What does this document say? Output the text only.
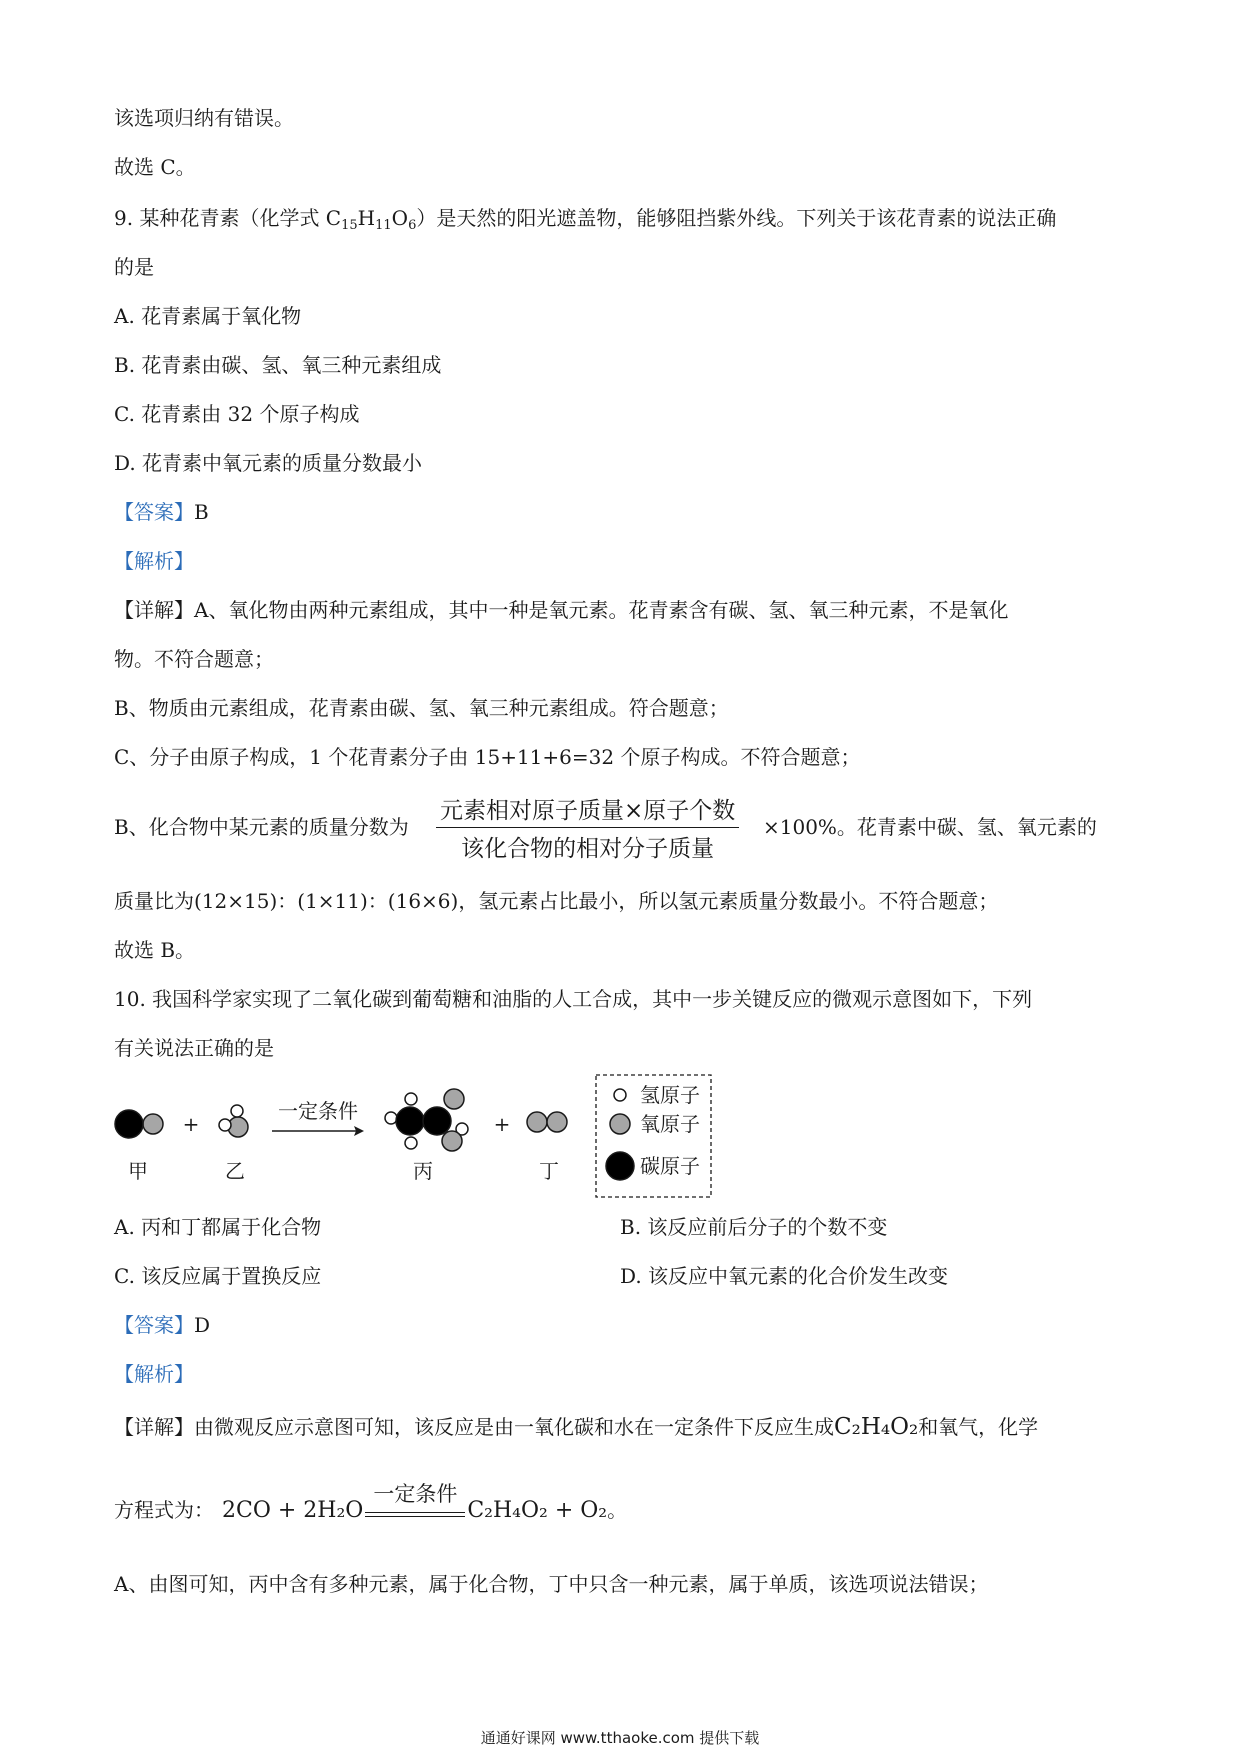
该选项归纳有错误。
故选 C。
9. 某种花青素（化学式 $C_{15}H_{11}O_6$）是天然的阳光遮盖物，能够阻挡紫外线。下列关于该花青素的说法正确
的是
A. 花青素属于氧化物
B. 花青素由碳、氢、氧三种元素组成
C. 花青素由 32 个原子构成
D. 花青素中氧元素的质量分数最小
【答案】B
【解析】
【详解】A、氧化物由两种元素组成，其中一种是氧元素。花青素含有碳、氢、氧三种元素，不是氧化
物。不符合题意；
B、物质由元素组成，花青素由碳、氢、氧三种元素组成。符合题意；
C、分子由原子构成，1 个花青素分子由 15+11+6=32 个原子构成。不符合题意；
B、化合物中某元素的质量分数为
元素相对原子质量×原子个数
该化合物的相对分子质量
×100%。花青素中碳、氢、氧元素的
质量比为(12×15)：(1×11)：(16×6)，氢元素占比最小，所以氢元素质量分数最小。不符合题意；
故选 B。
10. 我国科学家实现了二氧化碳到葡萄糖和油脂的人工合成，其中一步关键反应的微观示意图如下，下列
有关说法正确的是
+
一定条件
+
甲	乙	丙	丁
氢原子
氧原子
碳原子
A. 丙和丁都属于化合物	B. 该反应前后分子的个数不变
C. 该反应属于置换反应	D. 该反应中氧元素的化合价发生改变
【答案】D
【解析】
【详解】由微观反应示意图可知，该反应是由一氧化碳和水在一定条件下反应生成C₂H₄O₂和氧气，化学
方程式为： 2CO + 2H₂O
一定条件
C₂H₄O₂ + O₂。
A、由图可知，丙中含有多种元素，属于化合物，丁中只含一种元素，属于单质，该选项说法错误；
通通好课网 www.tthaoke.com 提供下载
